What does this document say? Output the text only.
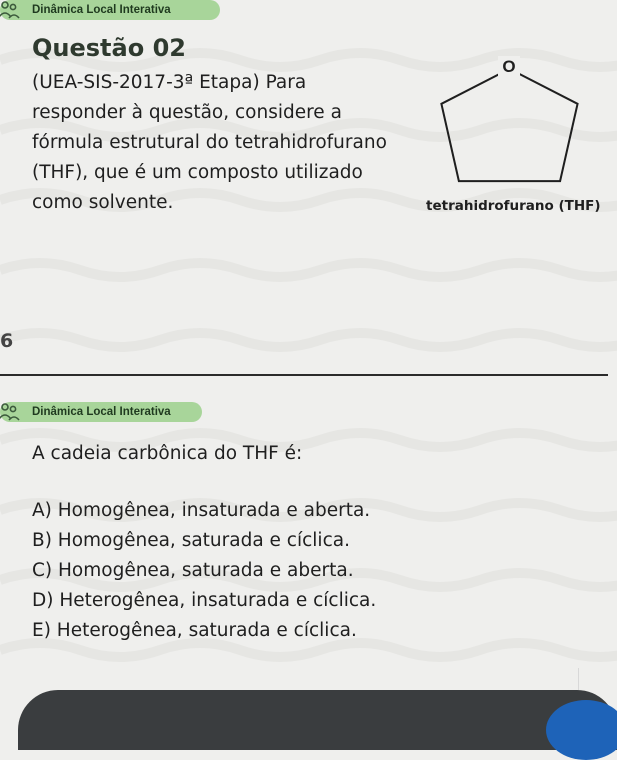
Dinâmica Local Interativa
Questão 02

(UEA-SIS-2017-3ª Etapa) Para responder à questão, considere a fórmula estrutural do tetrahidrofurano (THF), que é um composto utilizado como solvente.

O
tetrahidrofurano (THF)
6
Dinâmica Local Interativa

A cadeia carbônica do THF é:

A) Homogênea, insaturada e aberta.
B) Homogênea, saturada e cíclica.
C) Homogênea, saturada e aberta.
D) Heterogênea, insaturada e cíclica.
E) Heterogênea, saturada e cíclica.
